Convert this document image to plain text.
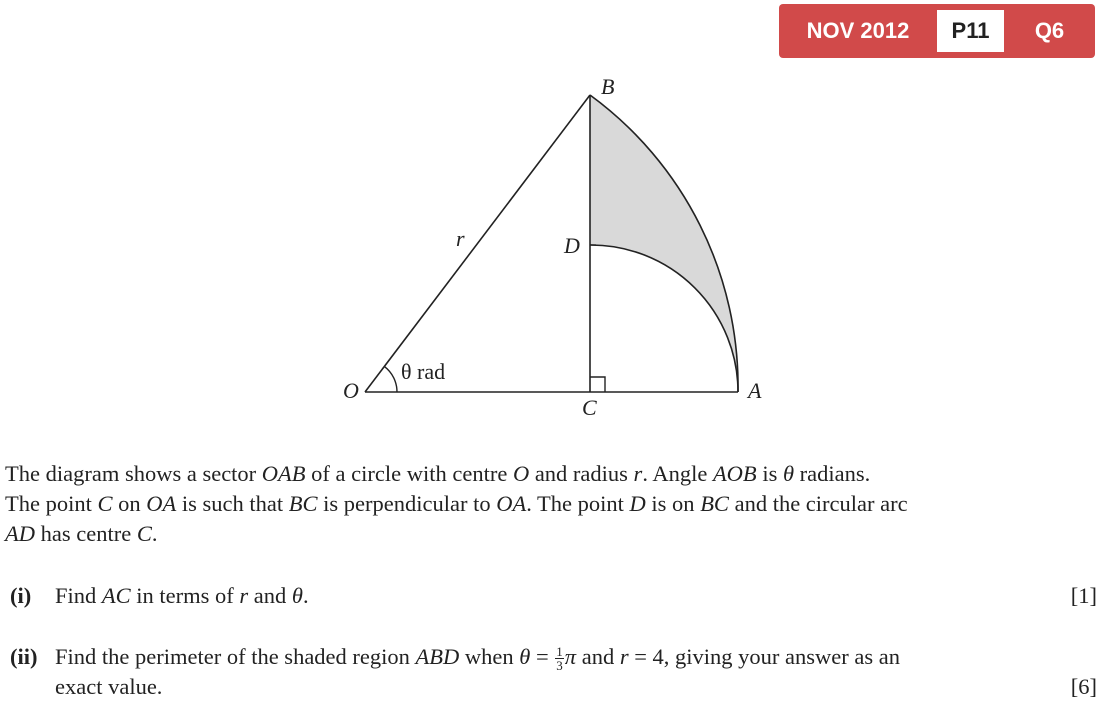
NOV 2012	P11	Q6
B
r	D
θ rad
O	A
C

The diagram shows a sector OAB of a circle with centre O and radius r. Angle AOB is θ radians.
The point C on OA is such that BC is perpendicular to OA. The point D is on BC and the circular arc
AD has centre C.

(i) Find AC in terms of r and θ.	[1]
(ii) Find the perimeter of the shaded region ABD when $\theta = \frac{1}{3}$ π and r = 4, giving your answer as an
exact value.	[6]
